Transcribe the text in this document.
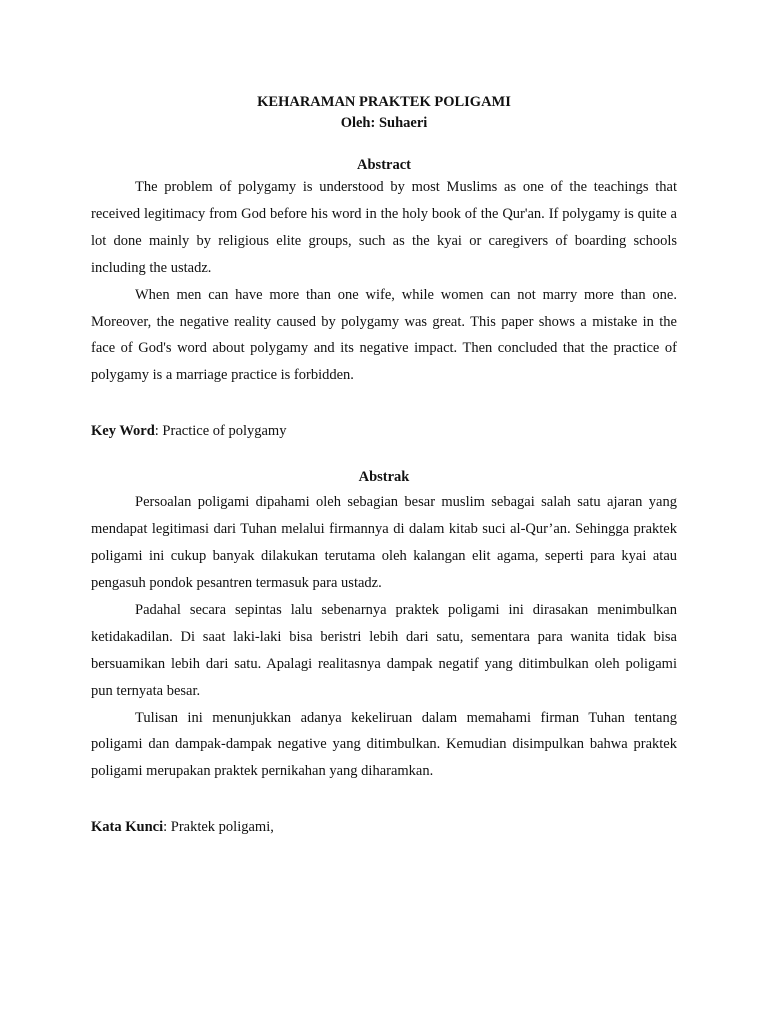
KEHARAMAN PRAKTEK POLIGAMI

Oleh: Suhaeri

Abstract

The problem of polygamy is understood by most Muslims as one of the teachings that received legitimacy from God before his word in the holy book of the Qur'an. If polygamy is quite a lot done mainly by religious elite groups, such as the kyai or caregivers of boarding schools including the ustadz.

When men can have more than one wife, while women can not marry more than one. Moreover, the negative reality caused by polygamy was great. This paper shows a mistake in the face of God's word about polygamy and its negative impact. Then concluded that the practice of polygamy is a marriage practice is forbidden.

Key Word: Practice of polygamy

Abstrak

Persoalan poligami dipahami oleh sebagian besar muslim sebagai salah satu ajaran yang mendapat legitimasi dari Tuhan melalui firmannya di dalam kitab suci al-Qur’an. Sehingga praktek poligami ini cukup banyak dilakukan terutama oleh kalangan elit agama, seperti para kyai atau pengasuh pondok pesantren termasuk para ustadz.

Padahal secara sepintas lalu sebenarnya praktek poligami ini dirasakan menimbulkan ketidakadilan. Di saat laki-laki bisa beristri lebih dari satu, sementara para wanita tidak bisa bersuamikan lebih dari satu. Apalagi realitasnya dampak negatif yang ditimbulkan oleh poligami pun ternyata besar.

Tulisan ini menunjukkan adanya kekeliruan dalam memahami firman Tuhan tentang poligami dan dampak-dampak negative yang ditimbulkan. Kemudian disimpulkan bahwa praktek poligami merupakan praktek pernikahan yang diharamkan.

Kata Kunci: Praktek poligami,
